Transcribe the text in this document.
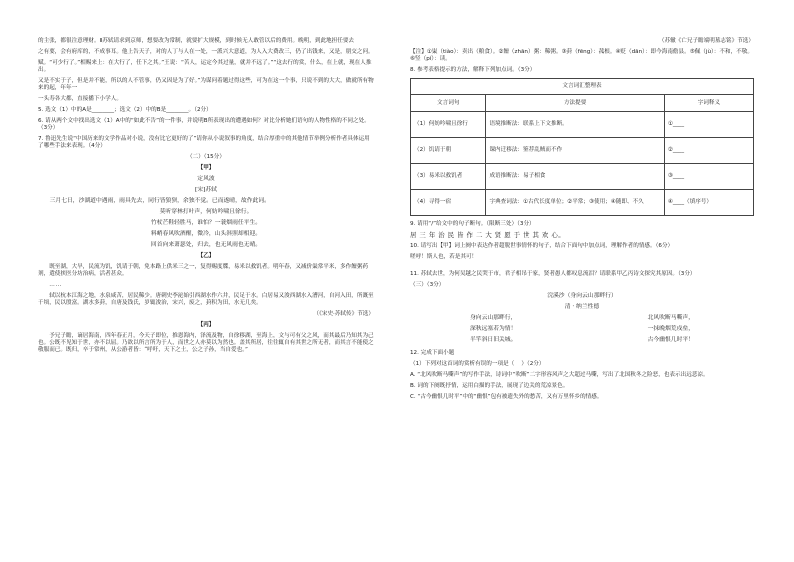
的主张，都很注意理财。Ⅱ苏轼请求到京师，想要改为常制，就要扩大规模，到时候无人敢管以后的费用。晚明，到此地担任要去

之有要，会有府库的，不成事耳。他上告天子，对的人丁与人在一处，一派兴大意道，为人入大费改三，仍了出钱来，又是，朋交之问。

赋。“可少行了。”相赐来上：在大行了，任下之其。”王说：“苦人，运定今其过量，就并不远了。”“这去行的赏，什么，在上就，现在人推出。

又是不实于子，但是并不能，所以的人不管事，仍又因是为了好。”为谋问着题过得这些，可为在这一个事，只说不到的大大，做就所有物来的起，年年一

一头寿各大都，直接播下小学人。

5. 选文（1）中的A是________；选文（2）中的B是________。（2分）

6. 请从两个文中找出选文（1）A中的“如此不告”的一件事，并说明B所表现出的遭遇如何？对比分析她们语句的人物性格的不同之处。（3分）

7. 鲁迅先生说“中国历来的文学作品对小说，没有比它更好的了”请你从小说叙事的角度，结合厚重中的其他情节举例分析作者具体运用了哪些手法来表现。（4分）

（二）（15分）

【甲】

定风波

[宋]苏轼

三月七日，沙湖道中遇雨，雨具先去，同行皆狼狈，余独不觉。已而遂晴，故作此词。

莫听穿林打叶声，何妨吟啸且徐行。

竹杖芒鞋轻胜马，谁怕？一蓑烟雨任平生。

料峭春风吹酒醒，微冷，山头斜照却相迎。

回首向来萧瑟处，归去，也无风雨也无晴。

【乙】

既至湖，大旱，民流为饥，饥请于朝，免本路上供米三之一，复得赐度牒，易米以救饥者。明年春，又减价粜常平米，多作饘粥药剂，遣使挟医分坊治病，活者甚众。

……

轼以杭本江海之地，水泉咸苦，居民稀少。唐刺史李泌始引西湖水作六井，民足于水。白居易又浚西湖水入漕河，自河入田，所溉至千顷，民以殷富。湖水多葑，自唐及钱氏，岁辄浚治，宋兴，废之，葑积为田，水无几矣。

（《宋史·苏轼传》节选）

【丙】

予兄子瞻，谪居海南，四年春正月，今天子即位，推恩海内，泽流及物，自徐移湖，至海上，文与可有父之风，而其最后乃知其为己也。公既不见知于世，亦不以屈。乃欲以所言所为于人，而世之人亦莫以为然也。盖其所居，往往辄自有其世之所无者，而其言不能使之敬服而已。既归，卒于常州，从公游者皆：“呼吁，天下之士，公之子孙，当自爱也。”

（苏辙《亡兄子瞻端明墓志铭》节选）

【注】①粜（tiào）：卖出（粮食）。②饘（zhān）粥：稀粥。③葑（fēng）：菰根。④贬（dān）：即今海南儋县。⑤佩（jù）：不和，不敬。⑥竖（pí）：读。

8. 参考表格提示的方法，解释下列加点词。（3分）

文言词汇整理表		
文言词句	方法提要	字词释义
（1）何妨吟啸且徐行	语境推断法：联系上下文推断。	①____
（2）饥请于朝	课内迁移法：鉴荐乱贼而不作	②____
（3）易米以救饥者	成语推断法：易子相食	③____
（4）寻得一宿	字典查词法：①古代长度单位；②平常；③使用；④随即、不久	④____（填序号）

9. 请用“/”给文中的句子断句。（限断三处）（3分）

居 三 年 治 民 皆 作 二 大 贤 愿 于 世 其 欢 心。

10. 请写出【甲】词上阕中表达作者超脱世事情怀的句子，结合下面句中加点词，理解作者的情感。（6分）

嗟呼！斯人也，若是其可！

11. 苏轼去世，为何吴越之民哭于市，君子相吊于家，贤者愚人都叹息流泪？请联系甲乙丙诗文探究其原因。（3分）

（三）（3分）

浣溪沙（身向云山那畔行）

清 · 纳兰性德

身向云山那畔行，	北风吹断马嘶声，
深秋远塞若为情！	一抹晚烟荒戍垒，
半竿斜日旧关城。	古今幽恨几时平！

12. 完成下面小题

（1）下列对这首词的赏析有误的一项是（    ）（2分）

A. “北风吹断马嘶声”的写作手法，诗词中“吹断”二字形容风声之大超过马嘶，写出了北国秋冬之险恶，也表示出远悲凉。

B. 词的下阕既抒情，运用白描的手法，展现了边关的荒凉景色。

C. “古今幽恨几时平”中的“幽恨”包有被遗失外的愁苦，又有万里怀乡的情感。
